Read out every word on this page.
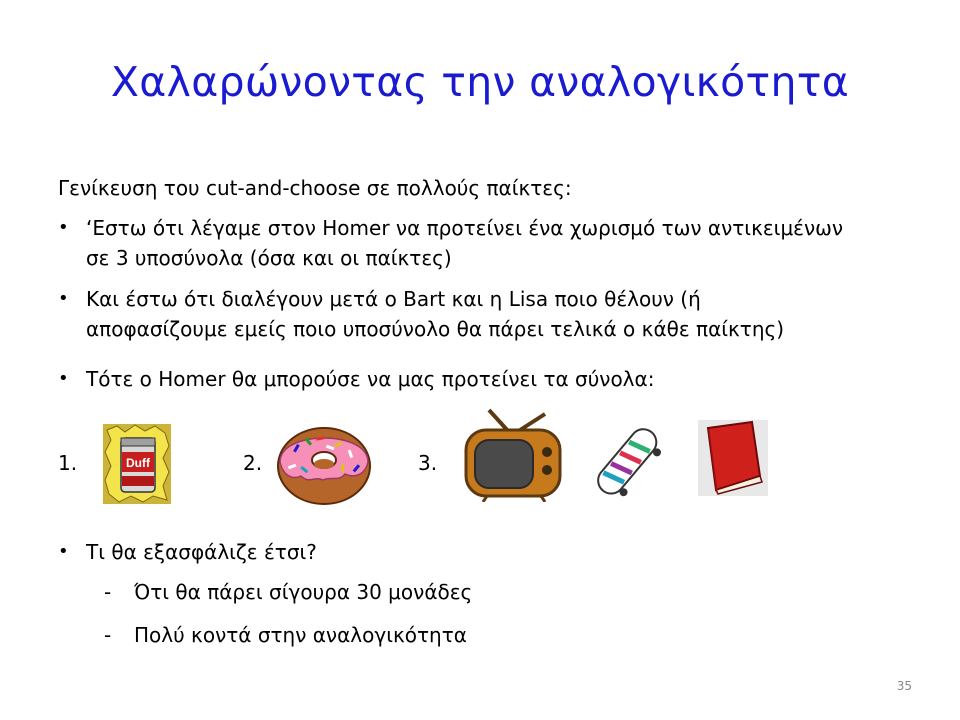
Χαλαρώνοντας την αναλογικότητα
Γενίκευση του cut-and-choose σε πολλούς παίκτες:
• ‘Εστω ότι λέγαμε στον Homer να προτείνει ένα χωρισμό των αντικειμένων
σε 3 υποσύνολα (όσα και οι παίκτες)
• Και έστω ότι διαλέγουν μετά ο Bart και η Lisa ποιο θέλουν (ή
αποφασίζουμε εμείς ποιο υποσύνολο θα πάρει τελικά ο κάθε παίκτης)
• Τότε ο Homer θα μπορούσε να μας προτείνει τα σύνολα:
1.	2.	3.
Duff
• Τι θα εξασφάλιζε έτσι?
- Ότι θα πάρει σίγουρα 30 μονάδες
- Πολύ κοντά στην αναλογικότητα
35
